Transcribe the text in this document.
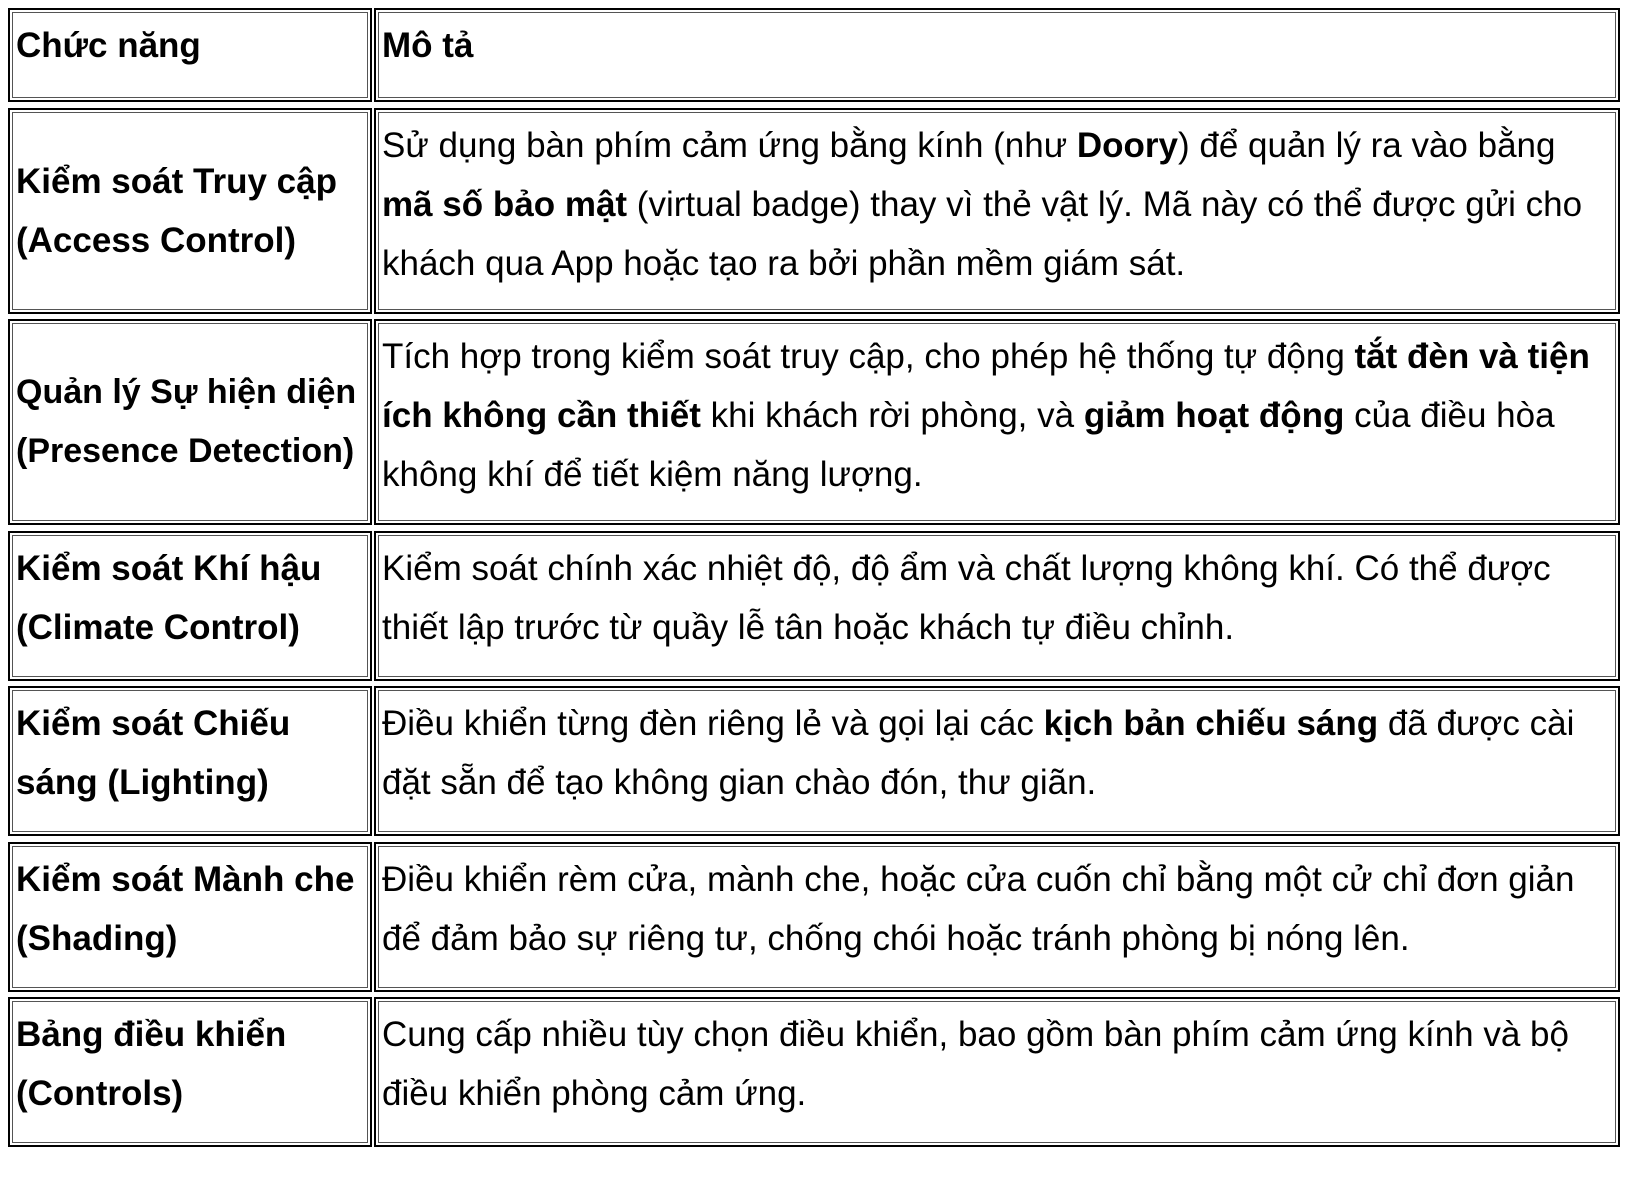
Chức năng	Mô tả
Kiểm soát Truy cập (Access Control)
Sử dụng bàn phím cảm ứng bằng kính (như Doory) để quản lý ra vào bằng mã số bảo mật (virtual badge) thay vì thẻ vật lý. Mã này có thể được gửi cho khách qua App hoặc tạo ra bởi phần mềm giám sát.
Quản lý Sự hiện diện (Presence Detection)
Tích hợp trong kiểm soát truy cập, cho phép hệ thống tự động tắt đèn và tiện ích không cần thiết khi khách rời phòng, và giảm hoạt động của điều hòa không khí để tiết kiệm năng lượng.
Kiểm soát Khí hậu (Climate Control)
Kiểm soát chính xác nhiệt độ, độ ẩm và chất lượng không khí. Có thể được thiết lập trước từ quầy lễ tân hoặc khách tự điều chỉnh.
Kiểm soát Chiếu sáng (Lighting)
Điều khiển từng đèn riêng lẻ và gọi lại các kịch bản chiếu sáng đã được cài đặt sẵn để tạo không gian chào đón, thư giãn.
Kiểm soát Mành che (Shading)
Điều khiển rèm cửa, mành che, hoặc cửa cuốn chỉ bằng một cử chỉ đơn giản để đảm bảo sự riêng tư, chống chói hoặc tránh phòng bị nóng lên.
Bảng điều khiển (Controls)
Cung cấp nhiều tùy chọn điều khiển, bao gồm bàn phím cảm ứng kính và bộ điều khiển phòng cảm ứng.
